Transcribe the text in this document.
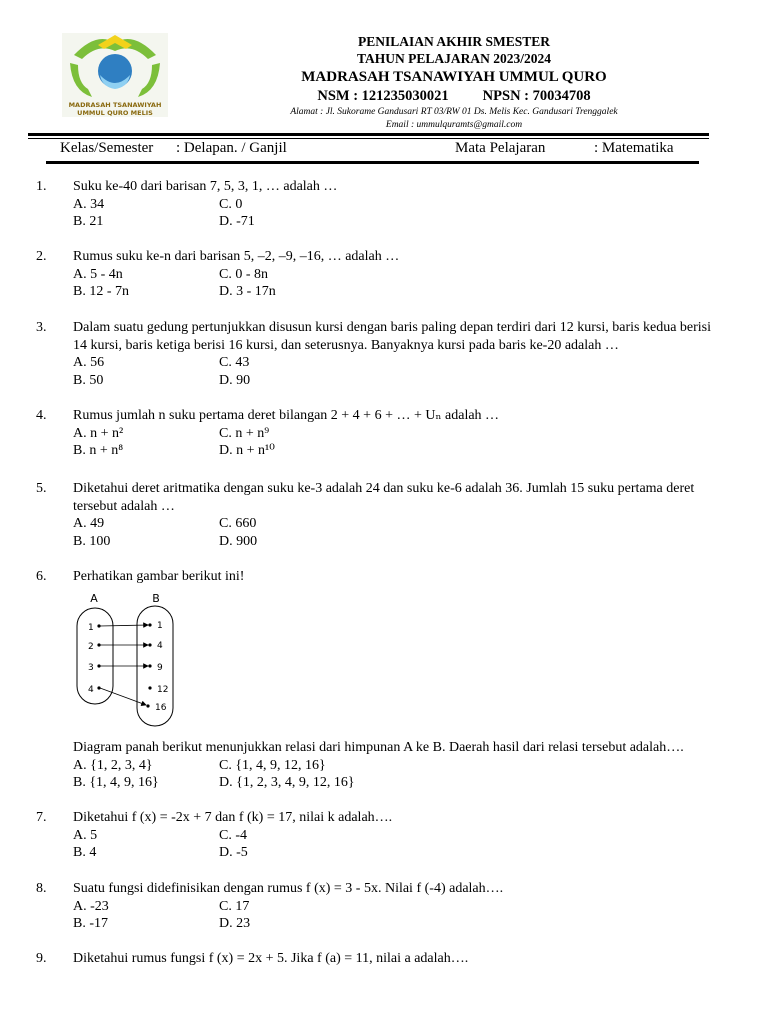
MADRASAH TSANAWIYAH
UMMUL QURO MELIS
PENILAIAN AKHIR SMESTER
TAHUN PELAJARAN 2023/2024
MADRASAH TSANAWIYAH UMMUL QURO
NSM : 121235030021 NPSN : 70034708
Alamat : Jl. Sukorame Gandusari RT 03/RW 01 Ds. Melis Kec. Gandusari Trenggalek
Email : ummulquramts@gmail.com
Kelas/Semester : Delapan. / Ganjil	Mata Pelajaran	: Matematika
1. Suku ke-40 dari barisan 7, 5, 3, 1, … adalah …
A. 34	C. 0
B. 21	D. -71
2. Rumus suku ke-n dari barisan 5, –2, –9, –16, … adalah …
A. 5 - 4n	C. 0 - 8n
B. 12 - 7n	D. 3 - 17n
3. Dalam suatu gedung pertunjukkan disusun kursi dengan baris paling depan terdiri dari 12 kursi, baris kedua berisi
14 kursi, baris ketiga berisi 16 kursi, dan seterusnya. Banyaknya kursi pada baris ke-20 adalah …
A. 56	C. 43
B. 50	D. 90
4. Rumus jumlah n suku pertama deret bilangan 2 + 4 + 6 + … + Uₙ adalah …
A. n + n²	C. n + n⁹
B. n + n⁸	D. n + n¹⁰
5. Diketahui deret aritmatika dengan suku ke-3 adalah 24 dan suku ke-6 adalah 36. Jumlah 15 suku pertama deret
tersebut adalah …
A. 49	C. 660
B. 100	D. 900
6. Perhatikan gambar berikut ini!
A	B
1
2
3
4
1
4
9
12
16
Diagram panah berikut menunjukkan relasi dari himpunan A ke B. Daerah hasil dari relasi tersebut adalah….
A. {1, 2, 3, 4}	C. {1, 4, 9, 12, 16}
B. {1, 4, 9, 16}	D. {1, 2, 3, 4, 9, 12, 16}
7. Diketahui f (x) = -2x + 7 dan f (k) = 17, nilai k adalah….
A. 5	C. -4
B. 4	D. -5
8. Suatu fungsi didefinisikan dengan rumus f (x) = 3 - 5x. Nilai f (-4) adalah….
A. -23	C. 17
B. -17	D. 23
9. Diketahui rumus fungsi f (x) = 2x + 5. Jika f (a) = 11, nilai a adalah….
